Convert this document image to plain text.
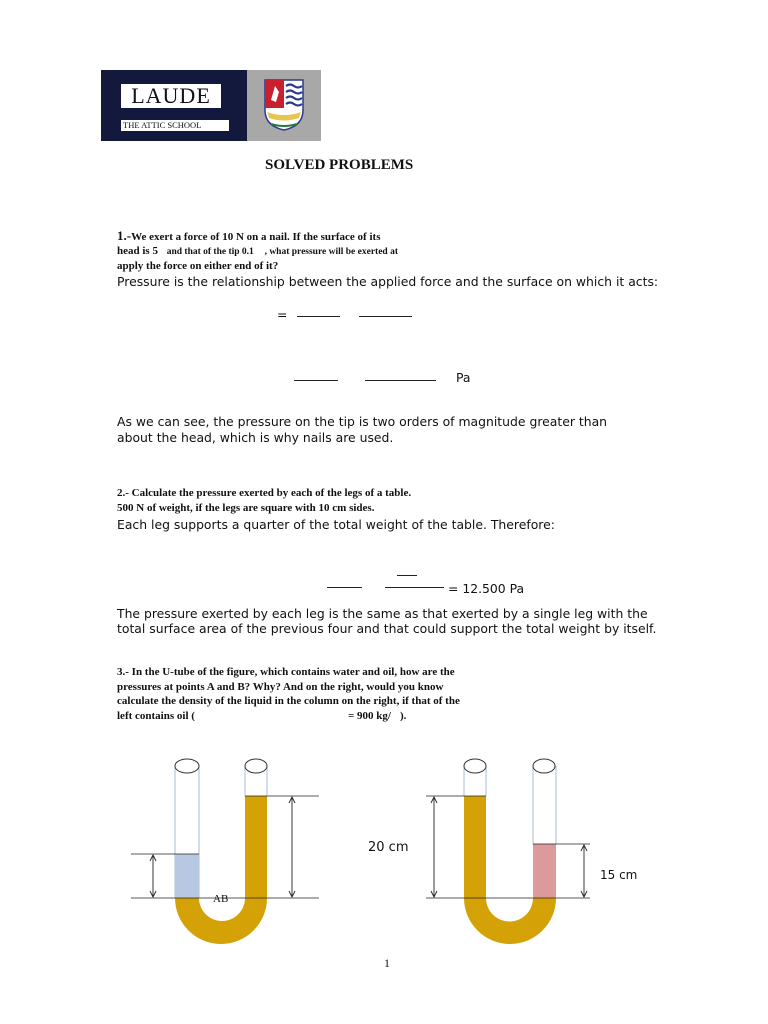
LAUDE
THE ATTIC SCHOOL
SOLVED PROBLEMS
1.-We exert a force of 10 N on a nail. If the surface of its
head is 5 and that of the tip 0.1 , what pressure will be exerted at
apply the force on either end of it?
Pressure is the relationship between the applied force and the surface on which it acts:
=
Pa
As we can see, the pressure on the tip is two orders of magnitude greater than
about the head, which is why nails are used.
2.- Calculate the pressure exerted by each of the legs of a table.
500 N of weight, if the legs are square with 10 cm sides.
Each leg supports a quarter of the total weight of the table. Therefore:
= 12.500 Pa
The pressure exerted by each leg is the same as that exerted by a single leg with the
total surface area of the previous four and that could support the total weight by itself.
3.- In the U-tube of the figure, which contains water and oil, how are the
pressures at points A and B? Why? And on the right, would you know
calculate the density of the liquid in the column on the right, if that of the
left contains oil (	= 900 kg/ ).
AB
20 cm
15 cm
1
